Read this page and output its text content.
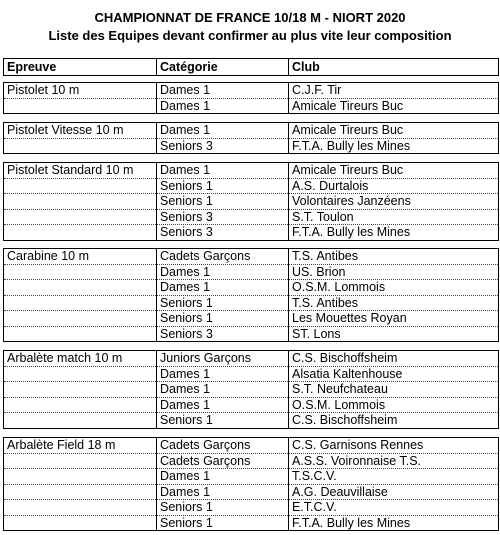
CHAMPIONNAT DE FRANCE 10/18 M - NIORT 2020
Liste des Equipes devant confirmer au plus vite leur composition
Epreuve	Catégorie	Club
Pistolet 10 m	Dames 1	C.J.F. Tir
	Dames 1	Amicale Tireurs Buc
Pistolet Vitesse 10 m	Dames 1	Amicale Tireurs Buc
	Seniors 3	F.T.A. Bully les Mines
Pistolet Standard 10 m	Dames 1	Amicale Tireurs Buc
	Seniors 1	A.S. Durtalois
	Seniors 1	Volontaires Janzéens
	Seniors 3	S.T. Toulon
	Seniors 3	F.T.A. Bully les Mines
Carabine 10 m	Cadets Garçons	T.S. Antibes
	Dames 1	US. Brion
	Dames 1	O.S.M. Lommois
	Seniors 1	T.S. Antibes
	Seniors 1	Les Mouettes Royan
	Seniors 3	ST. Lons
Arbalète match 10 m	Juniors Garçons	C.S. Bischoffsheim
	Dames 1	Alsatia Kaltenhouse
	Dames 1	S.T. Neufchateau
	Dames 1	O.S.M. Lommois
	Seniors 1	C.S. Bischoffsheim
Arbalète Field 18 m	Cadets Garçons	C.S. Garnisons Rennes
	Cadets Garçons	A.S.S. Voironnaise T.S.
	Dames 1	T.S.C.V.
	Dames 1	A.G. Deauvillaise
	Seniors 1	E.T.C.V.
	Seniors 1	F.T.A. Bully les Mines
